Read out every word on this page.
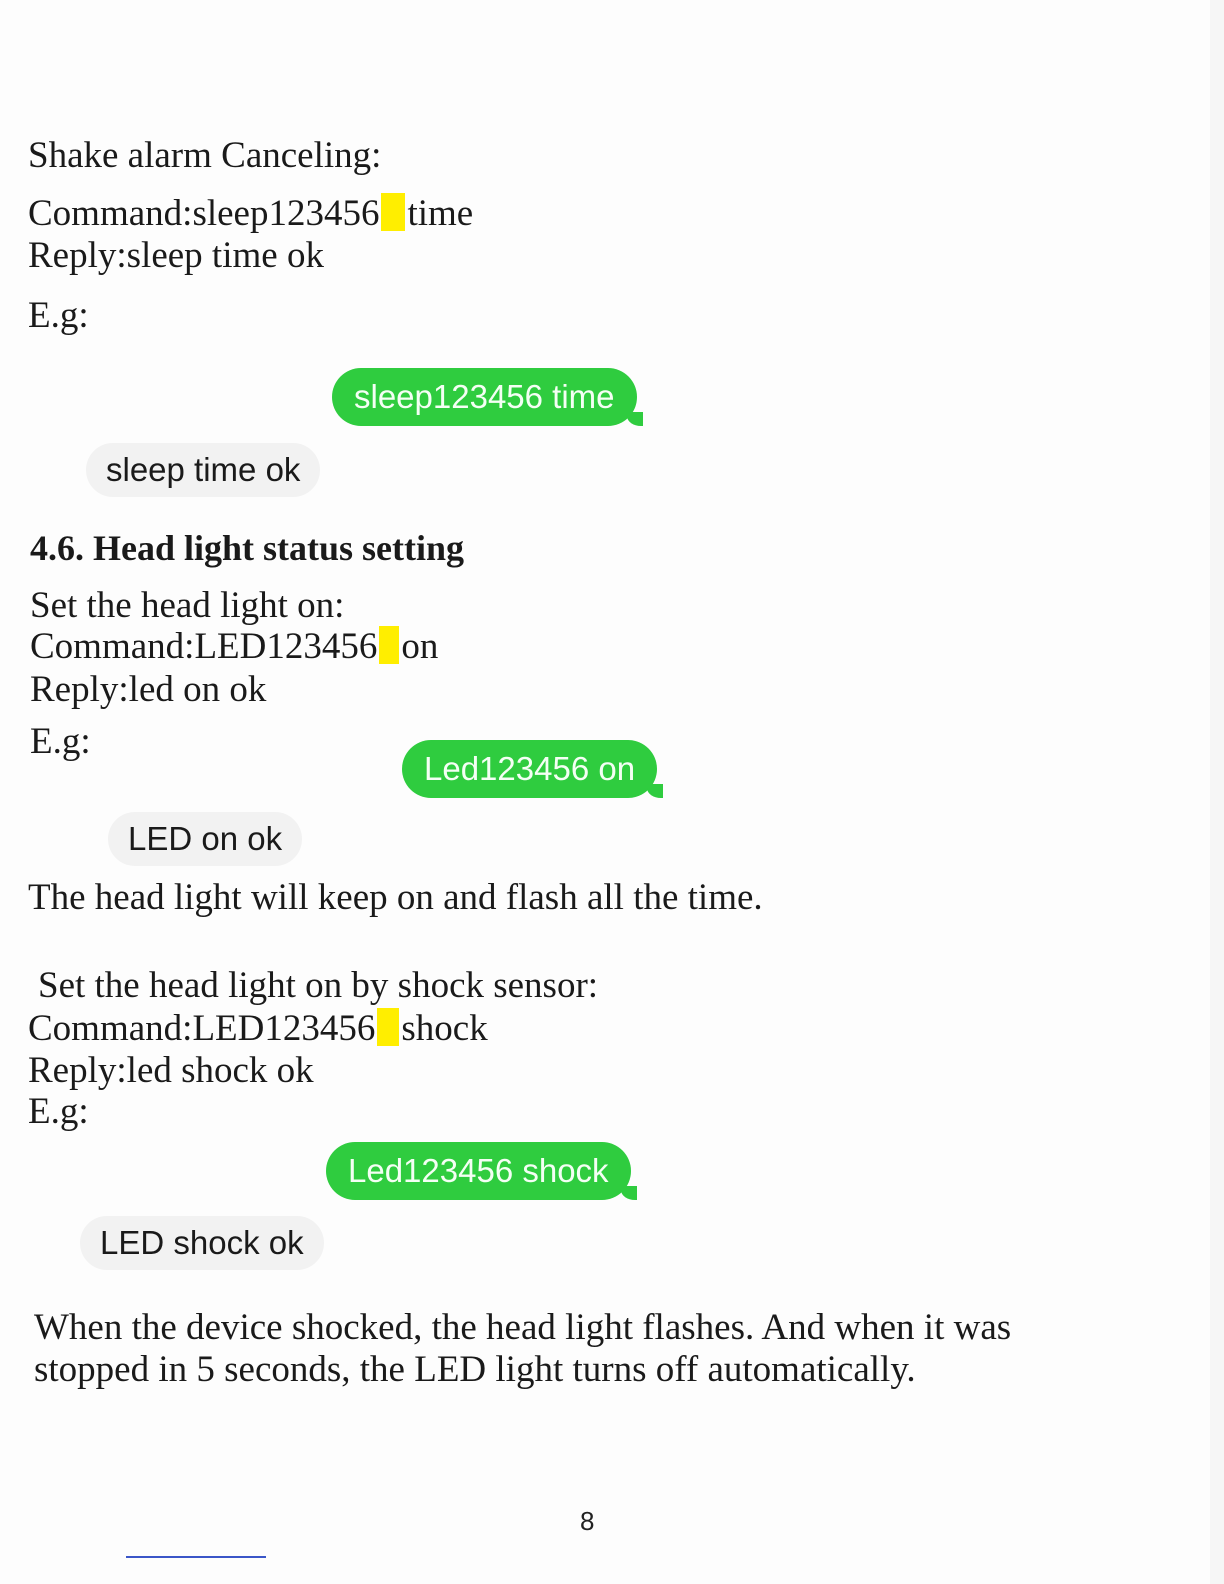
Shake alarm Canceling:
Command:sleep123456 time
Reply:sleep time ok
E.g:
sleep123456 time
sleep time ok
4.6. Head light status setting
Set the head light on:
Command:LED123456 on
Reply:led on ok
E.g:
Led123456 on
LED on ok
The head light will keep on and flash all the time.
Set the head light on by shock sensor:
Command:LED123456 shock
Reply:led shock ok
E.g:
Led123456 shock
LED shock ok
When the device shocked, the head light flashes. And when it was
stopped in 5 seconds, the LED light turns off automatically.
8
